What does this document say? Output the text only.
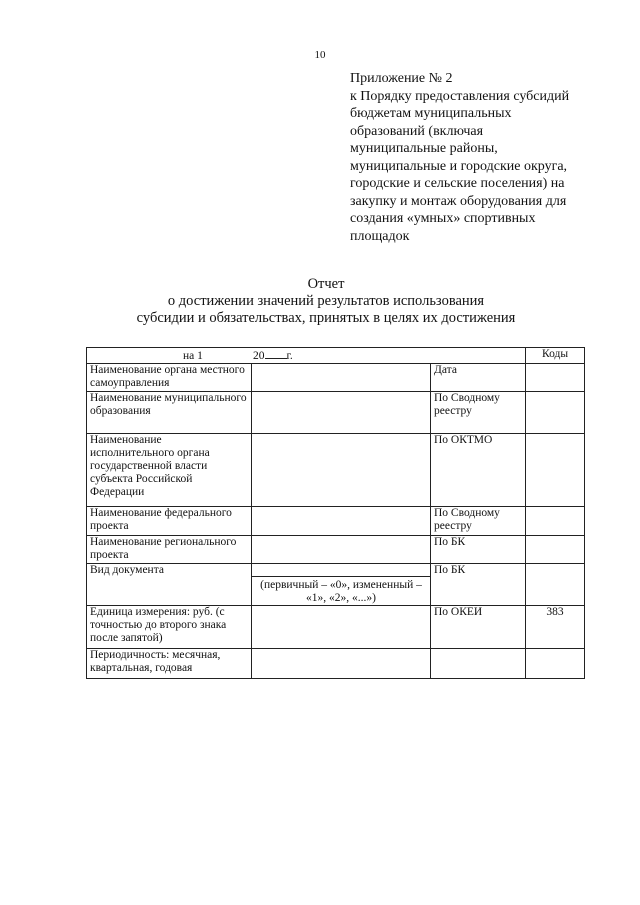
10
Приложение № 2
к Порядку предоставления субсидий
бюджетам муниципальных
образований (включая
муниципальные районы,
муниципальные и городские округа,
городские и сельские поселения) на
закупку и монтаж оборудования для
создания «умных» спортивных
площадок
Отчет
о достижении значений результатов использования
субсидии и обязательствах, принятых в целях их достижения
на 1 20 г.			Коды
Наименование органа местного самоуправления		Дата	
Наименование муниципального образования		По Сводному реестру	
Наименование исполнительного органа государственной власти субъекта Российской Федерации		По ОКТМО	
Наименование федерального проекта		По Сводному реестру	
Наименование регионального проекта		По БК	
Вид документа	(первичный – «0», измененный – «1», «2», «...»)	По БК	
Единица измерения: руб. (с точностью до второго знака после запятой)		По ОКЕИ	383
Периодичность: месячная, квартальная, годовая			
